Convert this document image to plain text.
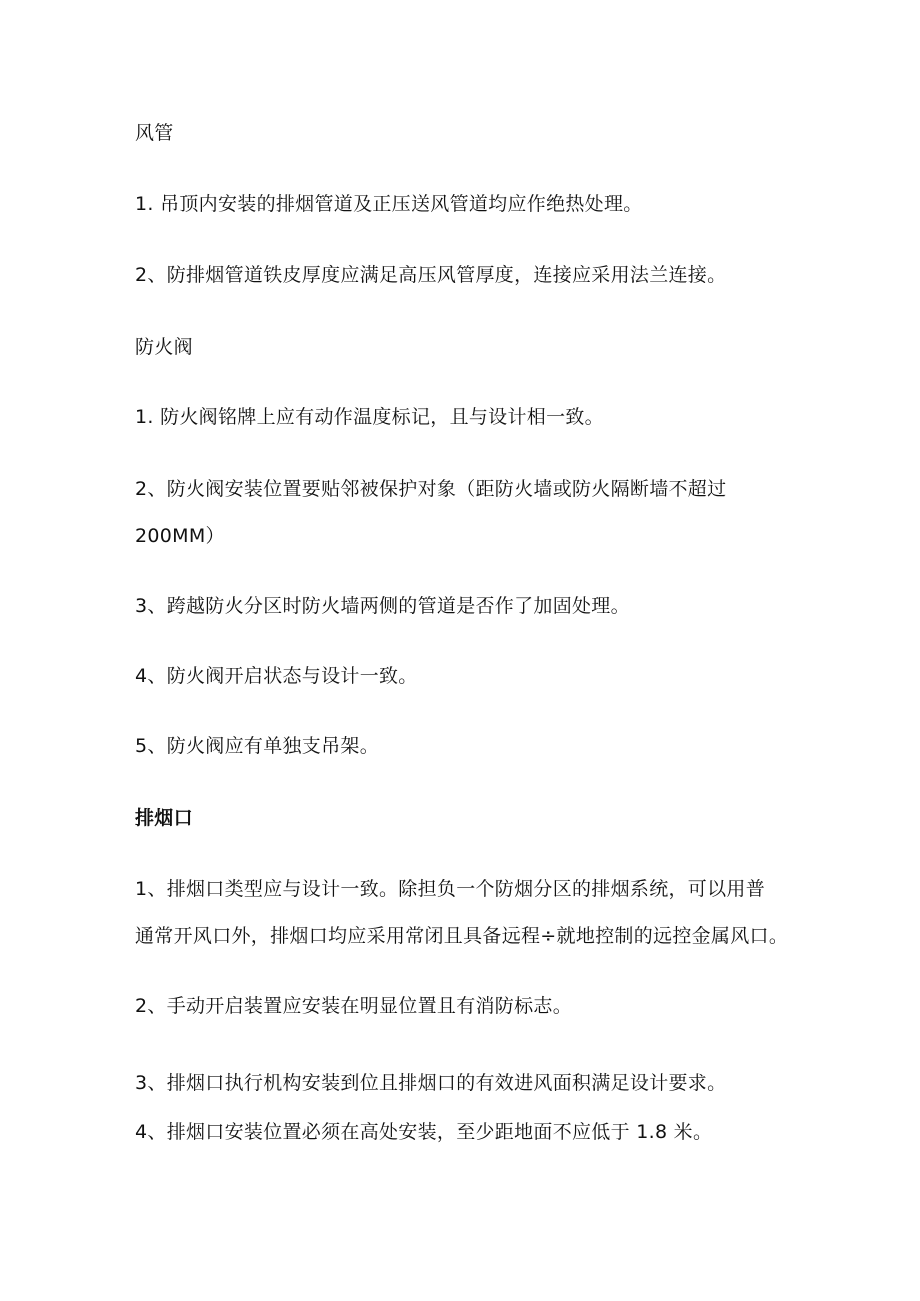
风管
1. 吊顶内安装的排烟管道及正压送风管道均应作绝热处理。
2、防排烟管道铁皮厚度应满足高压风管厚度，连接应采用法兰连接。
防火阀
1. 防火阀铭牌上应有动作温度标记，且与设计相一致。
2、防火阀安装位置要贴邻被保护对象（距防火墙或防火隔断墙不超过
200MM）
3、跨越防火分区时防火墙两侧的管道是否作了加固处理。
4、防火阀开启状态与设计一致。
5、防火阀应有单独支吊架。
排烟口
1、排烟口类型应与设计一致。除担负一个防烟分区的排烟系统，可以用普
通常开风口外，排烟口均应采用常闭且具备远程÷就地控制的远控金属风口。
2、手动开启装置应安装在明显位置且有消防标志。
3、排烟口执行机构安装到位且排烟口的有效进风面积满足设计要求。
4、排烟口安装位置必须在高处安装，至少距地面不应低于 1.8 米。
